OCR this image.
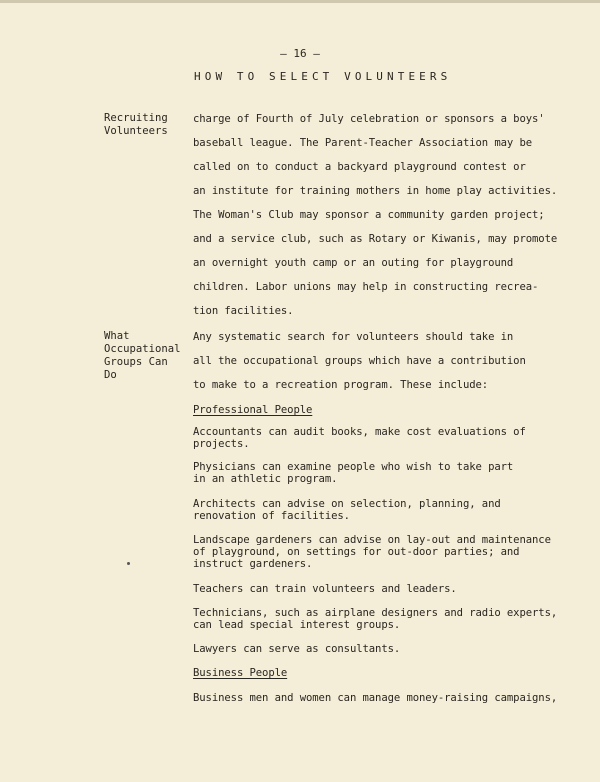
– 16 –
HOW TO SELECT VOLUNTEERS
Recruiting
Volunteers
What
Occupational
Groups Can
Do
charge of Fourth of July celebration or sponsors a boys'
baseball league. The Parent-Teacher Association may be
called on to conduct a backyard playground contest or
an institute for training mothers in home play activities.
The Woman's Club may sponsor a community garden project;
and a service club, such as Rotary or Kiwanis, may promote
an overnight youth camp or an outing for playground
children. Labor unions may help in constructing recrea-
tion facilities.
Any systematic search for volunteers should take in
all the occupational groups which have a contribution
to make to a recreation program. These include:
Professional People
Accountants can audit books, make cost evaluations of
projects.
Physicians can examine people who wish to take part
in an athletic program.
Architects can advise on selection, planning, and
renovation of facilities.
Landscape gardeners can advise on lay-out and maintenance
of playground, on settings for out-door parties; and
instruct gardeners.
Teachers can train volunteers and leaders.
Technicians, such as airplane designers and radio experts,
can lead special interest groups.
Lawyers can serve as consultants.
Business People
Business men and women can manage money-raising campaigns,
